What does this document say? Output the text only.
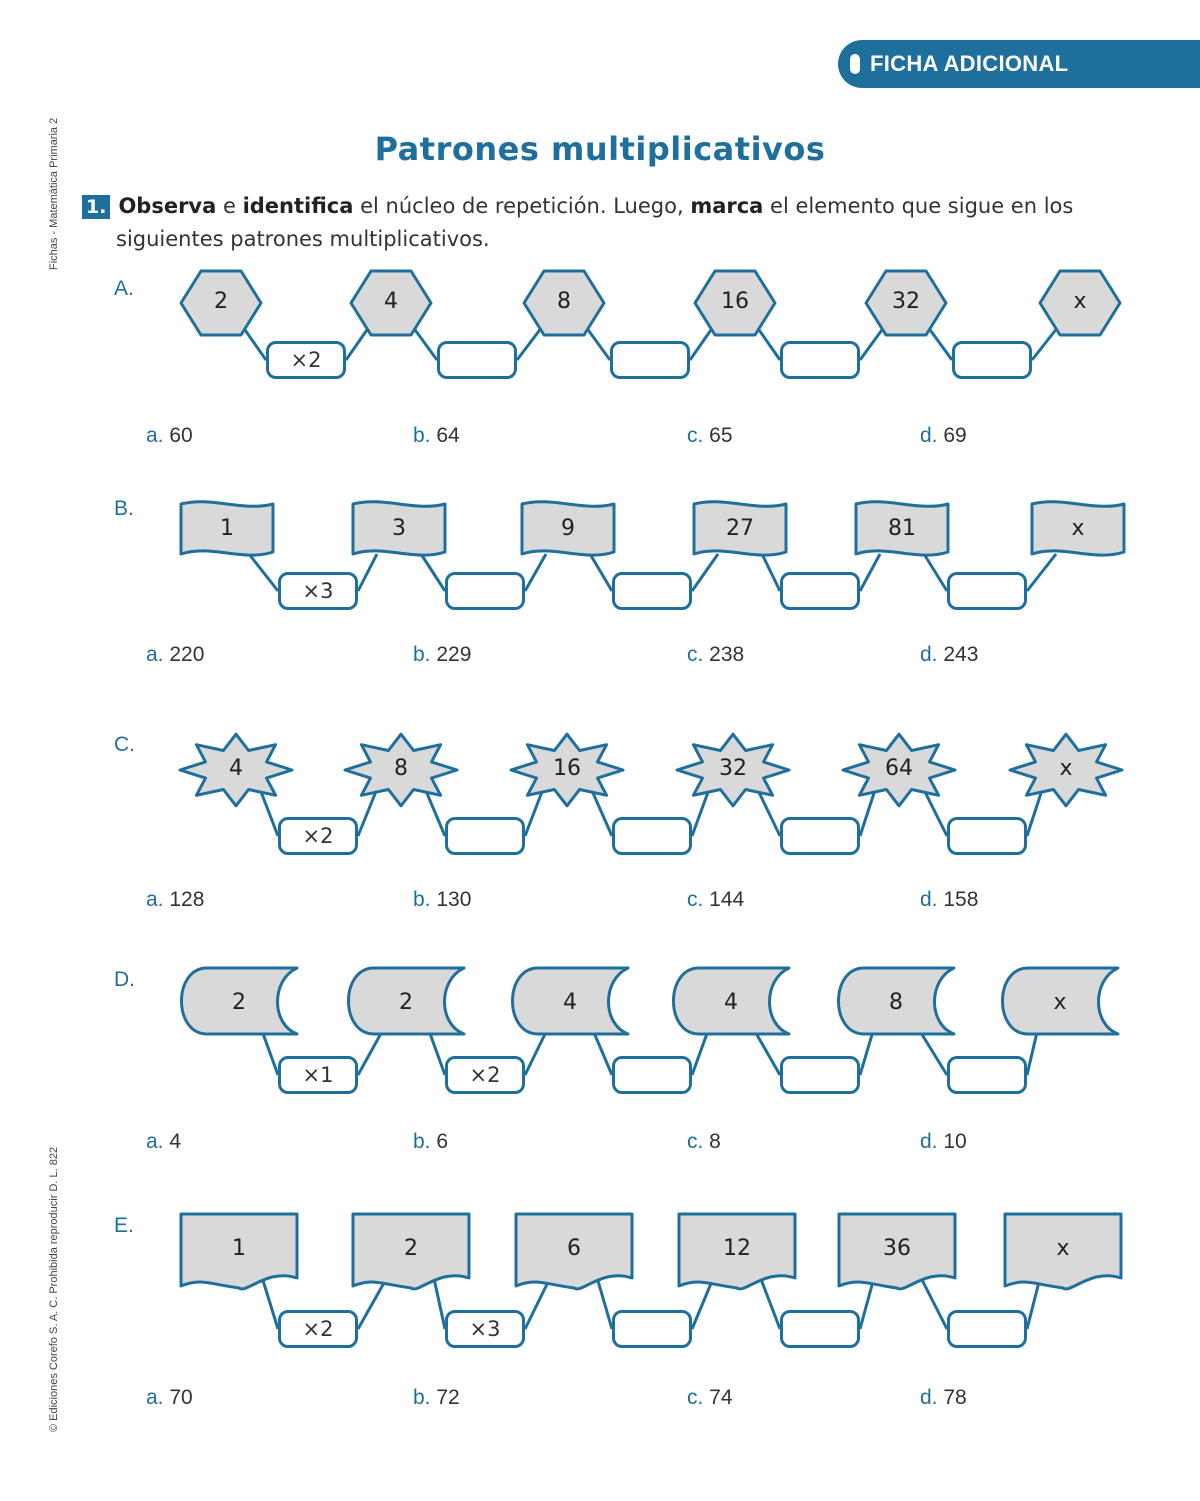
Fichas - Matemática Primaria 2
© Ediciones Corefo S. A. C. Prohibida reproducir D. L. 822
FICHA ADICIONAL
Patrones multiplicativos
1. Observa e identifica el núcleo de repetición. Luego, marca el elemento que sigue en los
siguientes patrones multiplicativos.
A.
2	4	8	16	32	x
×2
a. 60	b. 64	c. 65	d. 69
B.
1	3	9	27	81	x
×3
a. 220	b. 229	c. 238	d. 243
C.
4	8	16	32	64	x
×2
a. 128	b. 130	c. 144	d. 158
D.
2	2	4	4	8	x
×1	×2
a. 4	b. 6	c. 8	d. 10
E.
1	2	6	12	36	x
×2	×3
a. 70	b. 72	c. 74	d. 78
